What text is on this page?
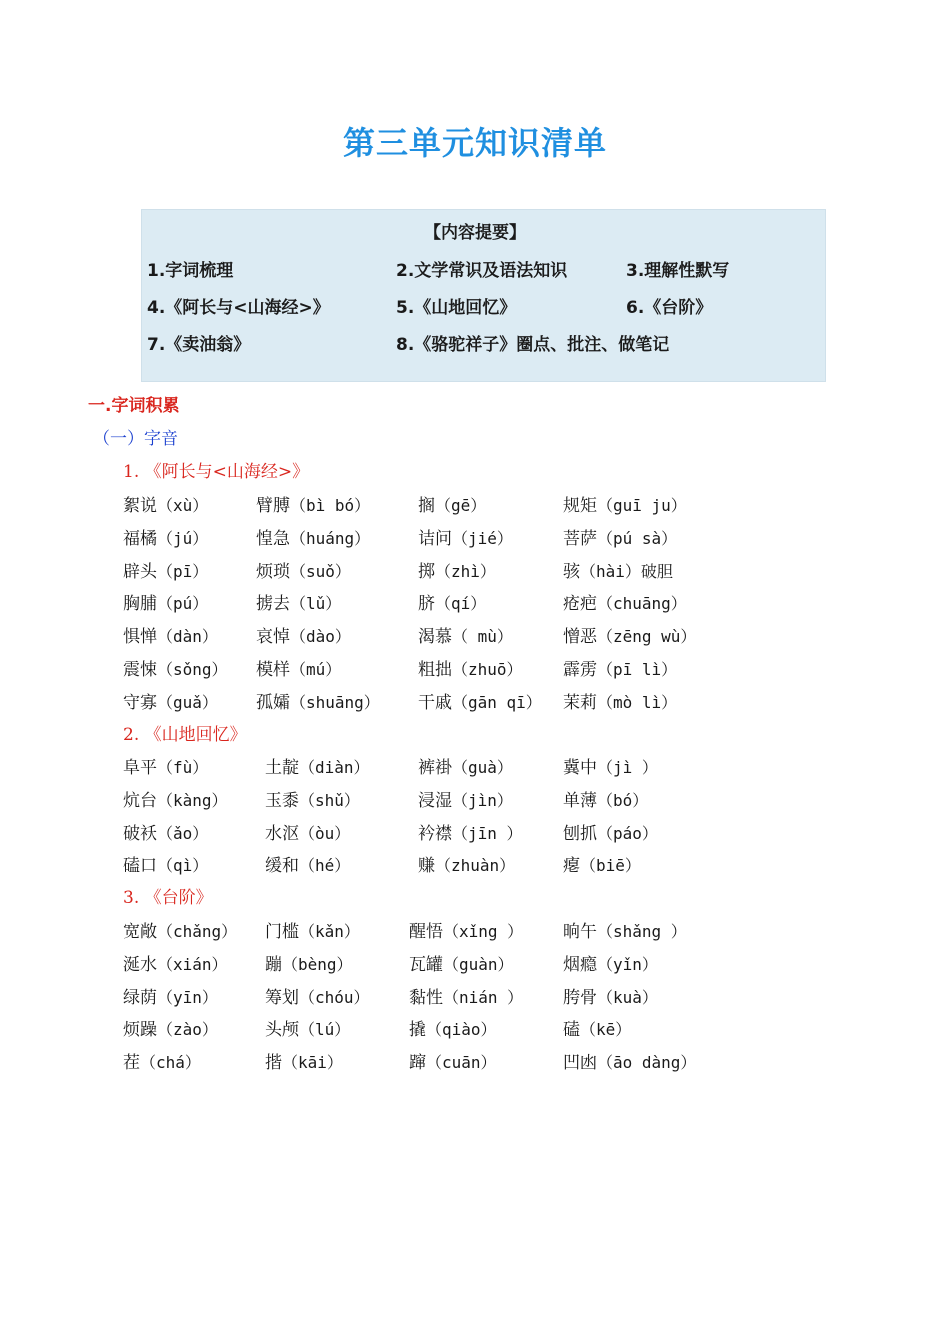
第三单元知识清单
【内容提要】
1.字词梳理	2.文学常识及语法知识	3.理解性默写
4.《阿长与<山海经>》	5.《山地回忆》	6.《台阶》
7.《卖油翁》	8.《骆驼祥子》圈点、批注、做笔记
一.字词积累
（一）字音
1. 《阿长与<山海经>》
絮说（xù）	臂膊（bì bó）	搁（gē）	规矩（guī ju）
福橘（jú）	惶急（huáng）	诘问（jié）	菩萨（pú sà）
辟头（pī）	烦琐（suǒ）	掷（zhì）	骇（hài）破胆
胸脯（pú）	掳去（lǔ）	脐（qí）	疮疤（chuāng）
惧惮（dàn） 哀悼（dào）	渴慕（ mù）	憎恶（zēng wù）
震悚（sǒng） 模样（mú）	粗拙（zhuō） 霹雳（pī lì）
守寡（guǎ） 孤孀（shuāng） 干戚（gān qī） 茉莉（mò lì）
2. 《山地回忆》
阜平（fù）	土靛（diàn）	裤褂（guà）	冀中（jì ）
炕台（kàng） 玉黍（shǔ）	浸湿（jìn）	单薄（bó）
破袄（ǎo）	水沤（òu）	衿襟（jīn ） 刨抓（páo）
磕口（qì）	缓和（hé）	赚（zhuàn）	瘪（biē）
3. 《台阶》
宽敞（chǎng） 门槛（kǎn）	醒悟（xǐng ） 晌午（shǎng ）
涎水（xián） 蹦（bèng）	瓦罐（guàn）	烟瘾（yǐn）
绿荫（yīn）	筹划（chóu） 黏性（nián ） 胯骨（kuà）
烦躁（zào）	头颅（lú）	撬（qiào）	磕（kē）
茬（chá）	揩（kāi）	蹿（cuān）	凹凼（āo dàng）
